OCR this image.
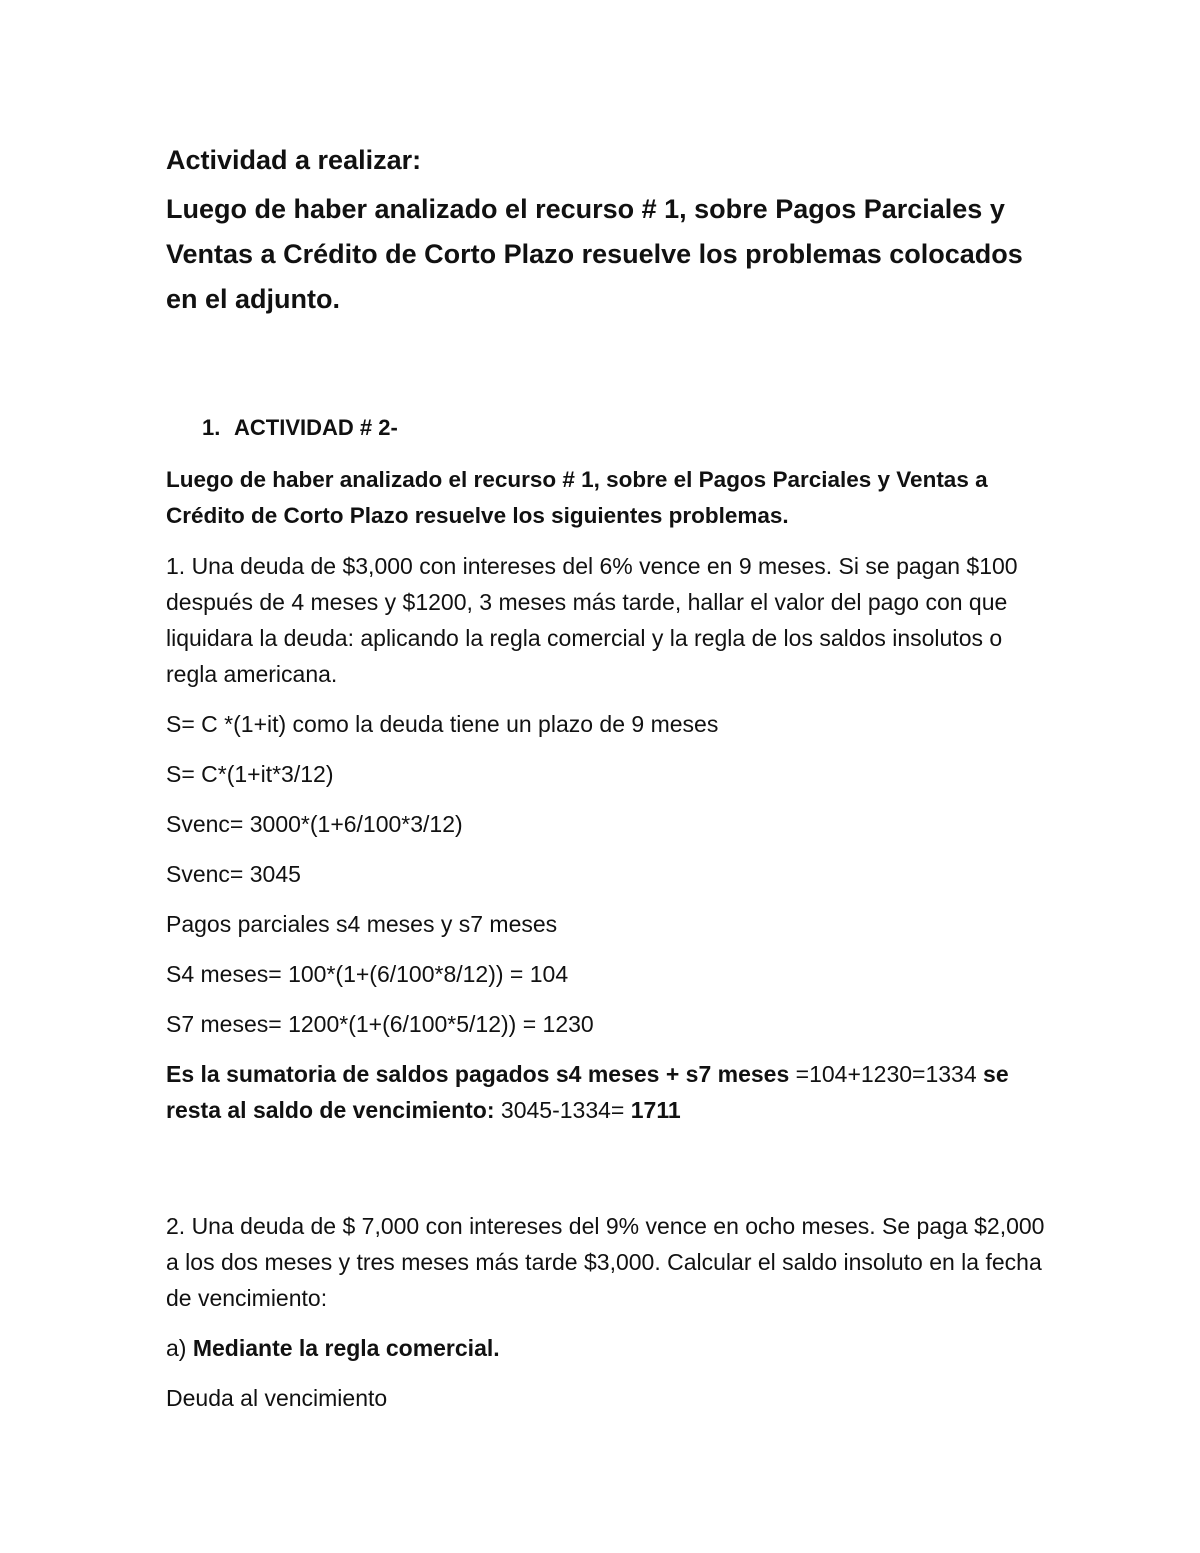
Actividad a realizar:

Luego de haber analizado el recurso # 1, sobre Pagos Parciales y Ventas a Crédito de Corto Plazo resuelve los problemas colocados en el adjunto.

1. ACTIVIDAD # 2-

Luego de haber analizado el recurso # 1, sobre el Pagos Parciales y Ventas a Crédito de Corto Plazo resuelve los siguientes problemas.

1. Una deuda de $3,000 con intereses del 6% vence en 9 meses. Si se pagan $100 después de 4 meses y $1200, 3 meses más tarde, hallar el valor del pago con que liquidara la deuda: aplicando la regla comercial y la regla de los saldos insolutos o regla americana.

S= C *(1+it) como la deuda tiene un plazo de 9 meses

S= C*(1+it*3/12)

Svenc= 3000*(1+6/100*3/12)

Svenc= 3045

Pagos parciales s4 meses y s7 meses

S4 meses= 100*(1+(6/100*8/12)) = 104

S7 meses= 1200*(1+(6/100*5/12)) = 1230

Es la sumatoria de saldos pagados s4 meses + s7 meses =104+1230=1334 se resta al saldo de vencimiento: 3045-1334= 1711

2. Una deuda de $ 7,000 con intereses del 9% vence en ocho meses. Se paga $2,000 a los dos meses y tres meses más tarde $3,000. Calcular el saldo insoluto en la fecha de vencimiento:

a) Mediante la regla comercial.

Deuda al vencimiento
